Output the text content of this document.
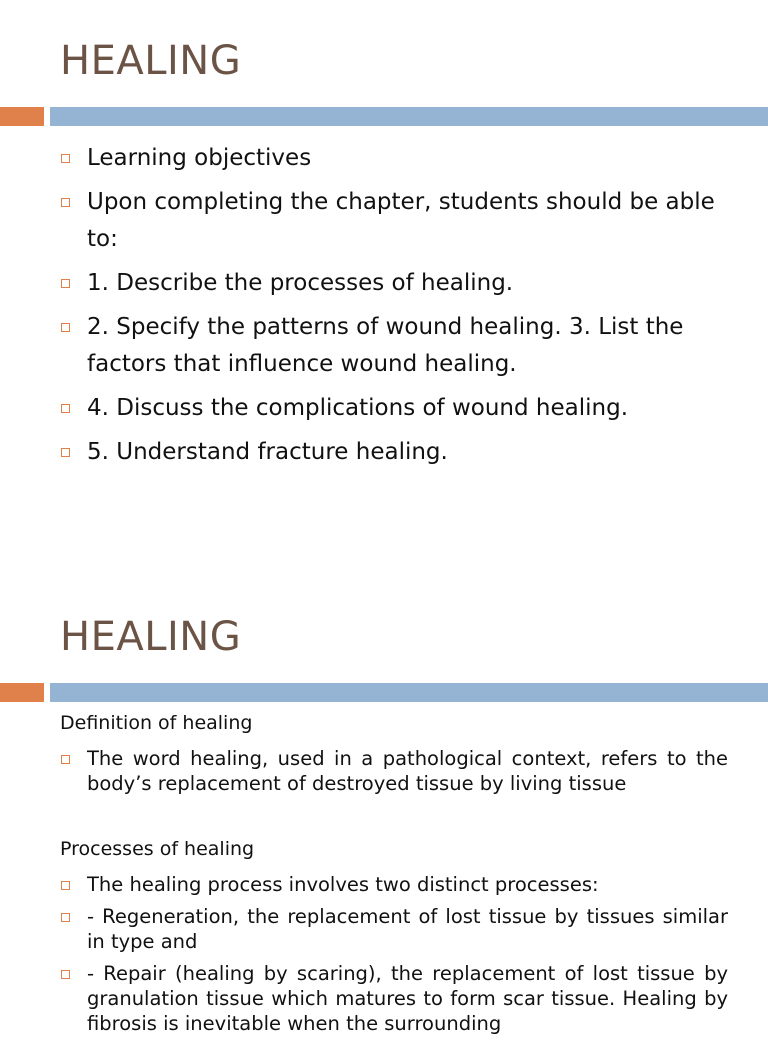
HEALING
Learning objectives
Upon completing the chapter, students should be able to:
1. Describe the processes of healing.
2. Specify the patterns of wound healing. 3. List the factors that influence wound healing.
4. Discuss the complications of wound healing.
5. Understand fracture healing.
HEALING
Definition of healing
The word healing, used in a pathological context, refers to the body’s replacement of destroyed tissue by living tissue
Processes of healing
The healing process involves two distinct processes:
- Regeneration, the replacement of lost tissue by tissues similar in type and
- Repair (healing by scaring), the replacement of lost tissue by granulation tissue which matures to form scar tissue. Healing by fibrosis is inevitable when the surrounding
